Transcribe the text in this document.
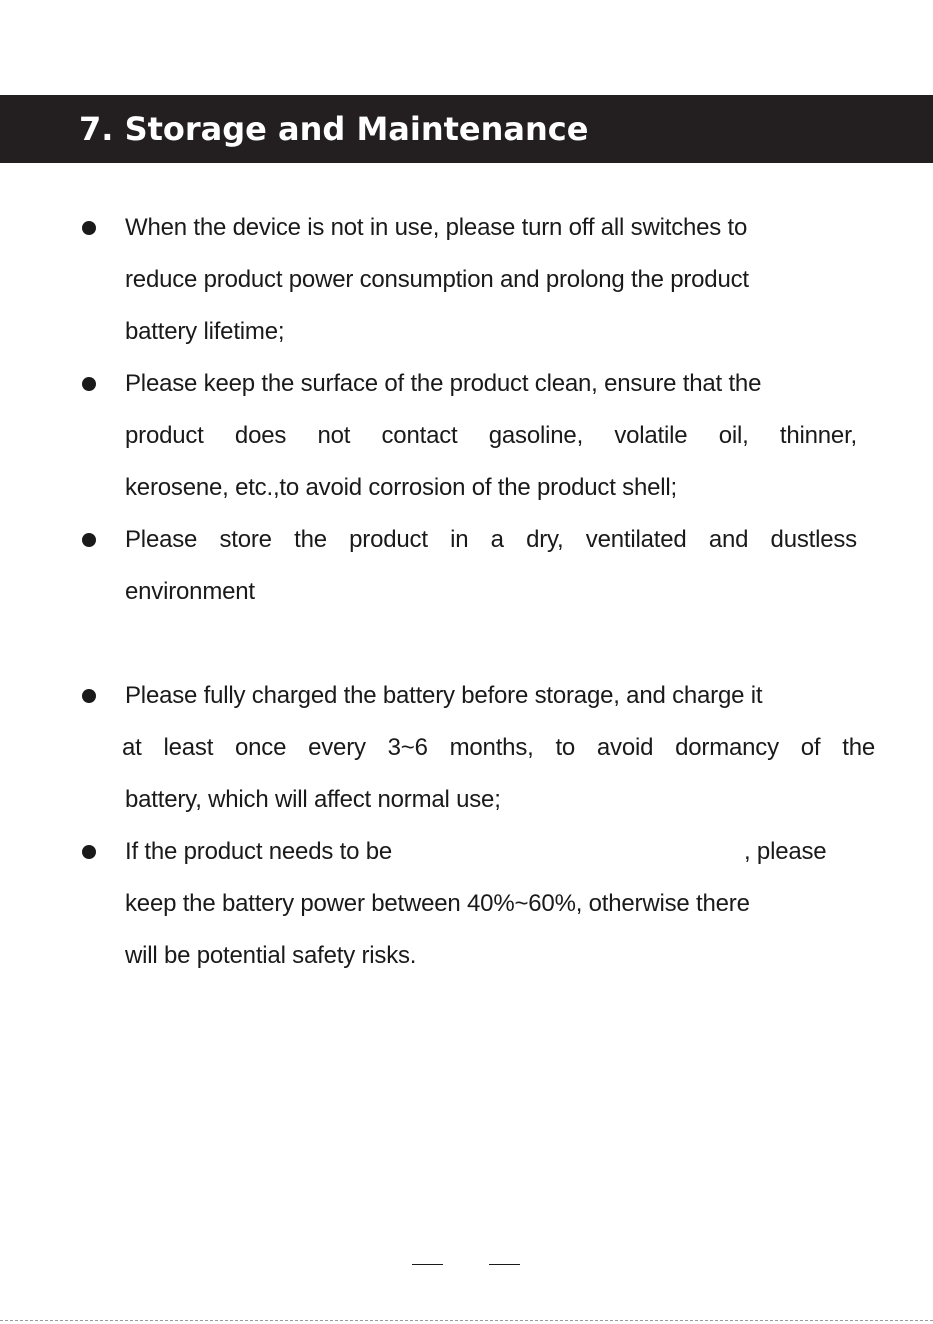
7. Storage and Maintenance

When the device is not in use, please turn off all switches to
reduce product power consumption and prolong the product
battery lifetime;

Please keep the surface of the product clean, ensure that the
product does not contact gasoline, volatile oil, thinner,
kerosene, etc.,to avoid corrosion of the product shell;

Please store the product in a dry, ventilated and dustless
environment

Please fully charged the battery before storage, and charge it
at least once every 3~6 months, to avoid dormancy of the
battery, which will affect normal use;

If the product needs to be	, please
keep the battery power between 40%~60%, otherwise there
will be potential safety risks.
